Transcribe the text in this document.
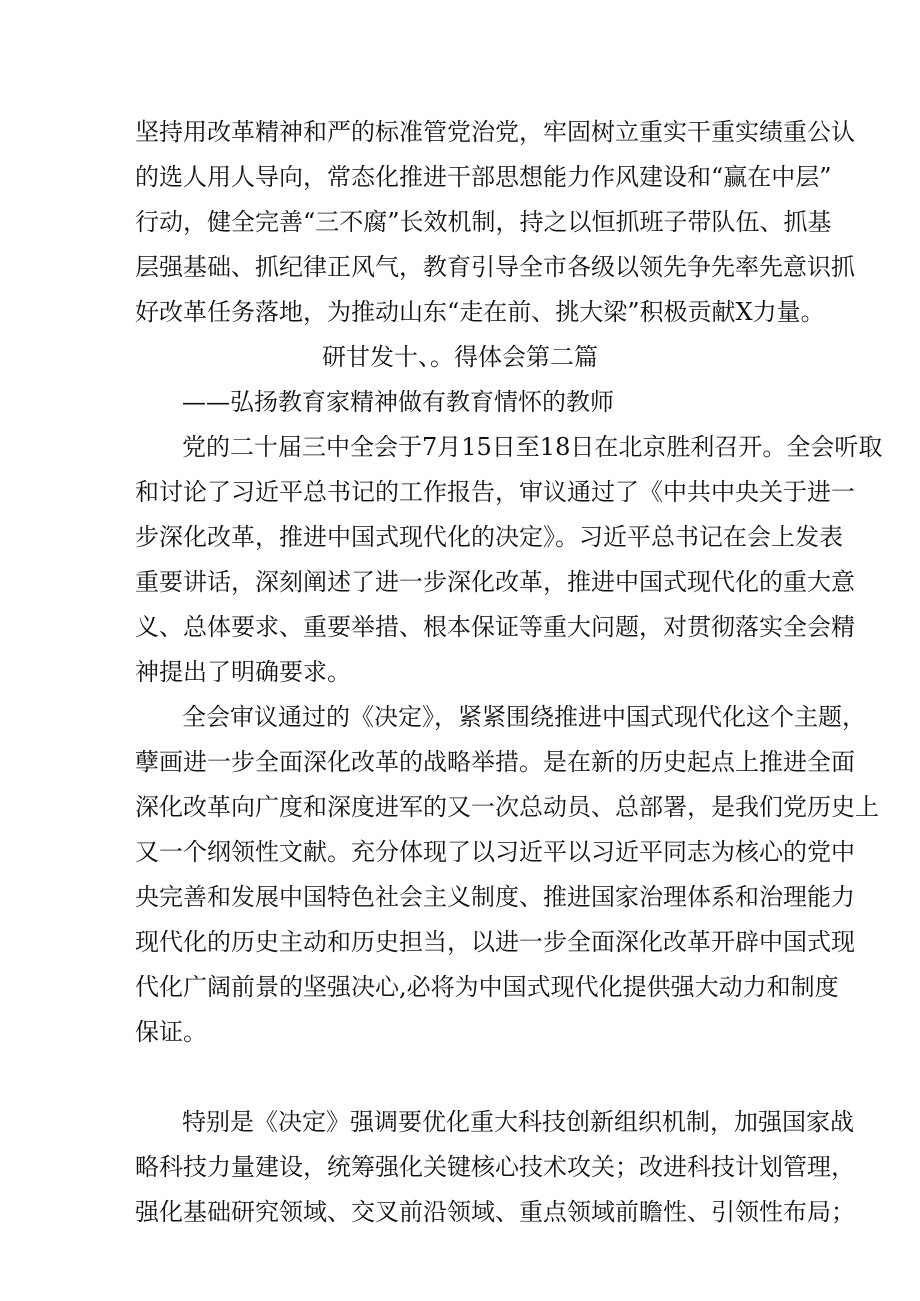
坚持用改革精神和严的标准管党治党，牢固树立重实干重实绩重公认
的选人用人导向，常态化推进干部思想能力作风建设和“赢在中层”
行动，健全完善“三不腐”长效机制，持之以恒抓班子带队伍、抓基
层强基础、抓纪律正风气，教育引导全市各级以领先争先率先意识抓
好改革任务落地，为推动山东“走在前、挑大梁”积极贡献X力量。
研甘发十、。得体会第二篇
——弘扬教育家精神做有教育情怀的教师
党的二十届三中全会于7月15日至18日在北京胜利召开。全会听取
和讨论了习近平总书记的工作报告，审议通过了《中共中央关于进一
步深化改革，推进中国式现代化的决定》。习近平总书记在会上发表
重要讲话，深刻阐述了进一步深化改革，推进中国式现代化的重大意
义、总体要求、重要举措、根本保证等重大问题，对贯彻落实全会精
神提出了明确要求。
全会审议通过的《决定》，紧紧围绕推进中国式现代化这个主题，
孽画进一步全面深化改革的战略举措。是在新的历史起点上推进全面
深化改革向广度和深度进军的又一次总动员、总部署，是我们党历史上
又一个纲领性文献。充分体现了以习近平以习近平同志为核心的党中
央完善和发展中国特色社会主义制度、推进国家治理体系和治理能力
现代化的历史主动和历史担当，以进一步全面深化改革开辟中国式现
代化广阔前景的坚强决心,必将为中国式现代化提供强大动力和制度
保证。
特别是《决定》强调要优化重大科技创新组织机制，加强国家战
略科技力量建设，统筹强化关键核心技术攻关；改进科技计划管理，
强化基础研究领域、交叉前沿领域、重点领域前瞻性、引领性布局；
